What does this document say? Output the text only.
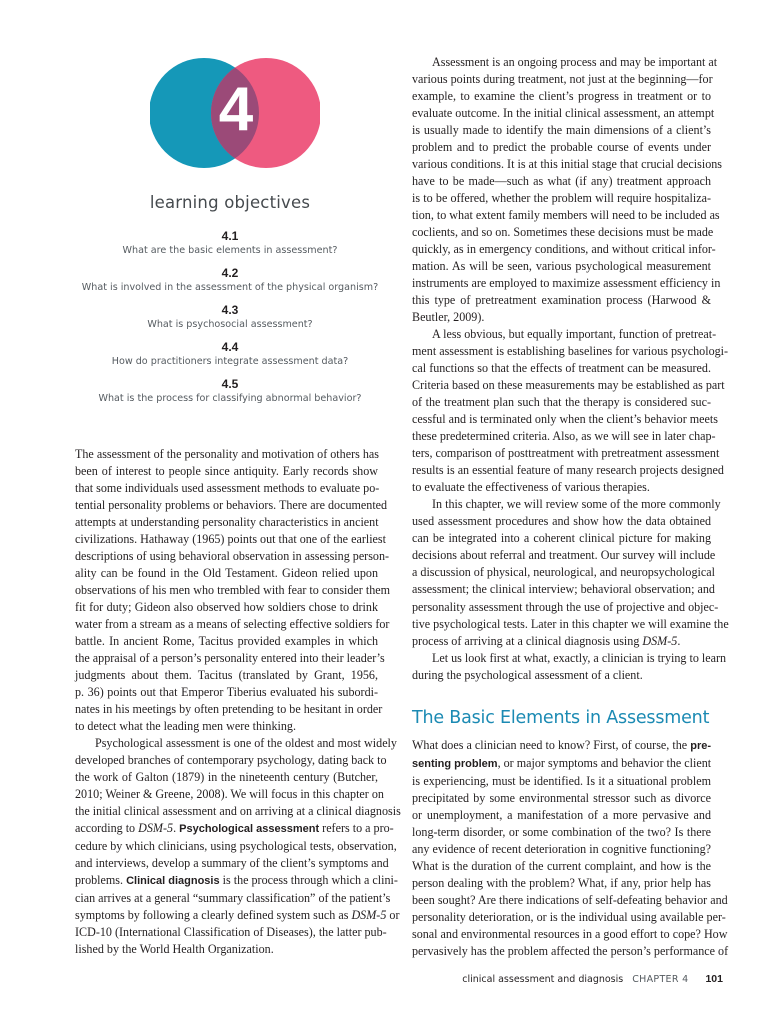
4
learning objectives
4.1
What are the basic elements in assessment?
4.2
What is involved in the assessment of the physical organism?
4.3
What is psychosocial assessment?
4.4
How do practitioners integrate assessment data?
4.5
What is the process for classifying abnormal behavior?

The assessment of the personality and motivation of others has
been of interest to people since antiquity. Early records show
that some individuals used assessment methods to evaluate po-
tential personality problems or behaviors. There are documented
attempts at understanding personality characteristics in ancient
civilizations. Hathaway (1965) points out that one of the earliest
descriptions of using behavioral observation in assessing person-
ality can be found in the Old Testament. Gideon relied upon
observations of his men who trembled with fear to consider them
fit for duty; Gideon also observed how soldiers chose to drink
water from a stream as a means of selecting effective soldiers for
battle. In ancient Rome, Tacitus provided examples in which
the appraisal of a person’s personality entered into their leader’s
judgments about them. Tacitus (translated by Grant, 1956,
p. 36) points out that Emperor Tiberius evaluated his subordi-
nates in his meetings by often pretending to be hesitant in order
to detect what the leading men were thinking.

Psychological assessment is one of the oldest and most widely
developed branches of contemporary psychology, dating back to
the work of Galton (1879) in the nineteenth century (Butcher,
2010; Weiner & Greene, 2008). We will focus in this chapter on
the initial clinical assessment and on arriving at a clinical diagnosis
according to DSM-5. Psychological assessment refers to a pro-
cedure by which clinicians, using psychological tests, observation,
and interviews, develop a summary of the client’s symptoms and
problems. Clinical diagnosis is the process through which a clini-
cian arrives at a general “summary classification” of the patient’s
symptoms by following a clearly defined system such as DSM-5 or
ICD-10 (International Classification of Diseases), the latter pub-
lished by the World Health Organization.

Assessment is an ongoing process and may be important at
various points during treatment, not just at the beginning—for
example, to examine the client’s progress in treatment or to
evaluate outcome. In the initial clinical assessment, an attempt
is usually made to identify the main dimensions of a client’s
problem and to predict the probable course of events under
various conditions. It is at this initial stage that crucial decisions
have to be made—such as what (if any) treatment approach
is to be offered, whether the problem will require hospitaliza-
tion, to what extent family members will need to be included as
coclients, and so on. Sometimes these decisions must be made
quickly, as in emergency conditions, and without critical infor-
mation. As will be seen, various psychological measurement
instruments are employed to maximize assessment efficiency in
this type of pretreatment examination process (Harwood &
Beutler, 2009).

A less obvious, but equally important, function of pretreat-
ment assessment is establishing baselines for various psychologi-
cal functions so that the effects of treatment can be measured.
Criteria based on these measurements may be established as part
of the treatment plan such that the therapy is considered suc-
cessful and is terminated only when the client’s behavior meets
these predetermined criteria. Also, as we will see in later chap-
ters, comparison of posttreatment with pretreatment assessment
results is an essential feature of many research projects designed
to evaluate the effectiveness of various therapies.

In this chapter, we will review some of the more commonly
used assessment procedures and show how the data obtained
can be integrated into a coherent clinical picture for making
decisions about referral and treatment. Our survey will include
a discussion of physical, neurological, and neuropsychological
assessment; the clinical interview; behavioral observation; and
personality assessment through the use of projective and objec-
tive psychological tests. Later in this chapter we will examine the
process of arriving at a clinical diagnosis using DSM-5.

Let us look first at what, exactly, a clinician is trying to learn
during the psychological assessment of a client.

The Basic Elements in Assessment

What does a clinician need to know? First, of course, the pre-
senting problem, or major symptoms and behavior the client
is experiencing, must be identified. Is it a situational problem
precipitated by some environmental stressor such as divorce
or unemployment, a manifestation of a more pervasive and
long-term disorder, or some combination of the two? Is there
any evidence of recent deterioration in cognitive functioning?
What is the duration of the current complaint, and how is the
person dealing with the problem? What, if any, prior help has
been sought? Are there indications of self-defeating behavior and
personality deterioration, or is the individual using available per-
sonal and environmental resources in a good effort to cope? How
pervasively has the problem affected the person’s performance of

clinical assessment and diagnosis CHAPTER 4 101
